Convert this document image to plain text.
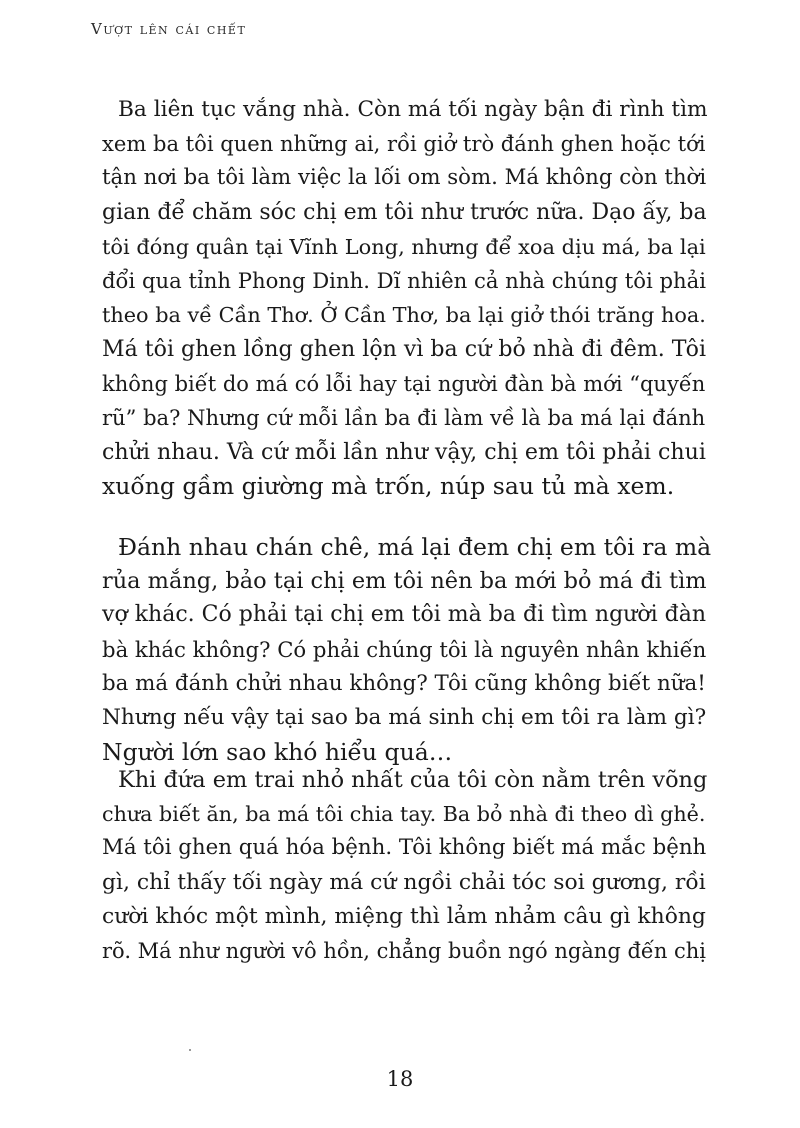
Vượt lên cái chết
Ba liên tục vắng nhà. Còn má tối ngày bận đi rình tìm
xem ba tôi quen những ai, rồi giở trò đánh ghen hoặc tới
tận nơi ba tôi làm việc la lối om sòm. Má không còn thời
gian để chăm sóc chị em tôi như trước nữa. Dạo ấy, ba
tôi đóng quân tại Vĩnh Long, nhưng để xoa dịu má, ba lại
đổi qua tỉnh Phong Dinh. Dĩ nhiên cả nhà chúng tôi phải
theo ba về Cần Thơ. Ở Cần Thơ, ba lại giở thói trăng hoa.
Má tôi ghen lồng ghen lộn vì ba cứ bỏ nhà đi đêm. Tôi
không biết do má có lỗi hay tại người đàn bà mới “quyến
rũ” ba? Nhưng cứ mỗi lần ba đi làm về là ba má lại đánh
chửi nhau. Và cứ mỗi lần như vậy, chị em tôi phải chui
xuống gầm giường mà trốn, núp sau tủ mà xem.
Đánh nhau chán chê, má lại đem chị em tôi ra mà
rủa mắng, bảo tại chị em tôi nên ba mới bỏ má đi tìm
vợ khác. Có phải tại chị em tôi mà ba đi tìm người đàn
bà khác không? Có phải chúng tôi là nguyên nhân khiến
ba má đánh chửi nhau không? Tôi cũng không biết nữa!
Nhưng nếu vậy tại sao ba má sinh chị em tôi ra làm gì?
Người lớn sao khó hiểu quá…
Khi đứa em trai nhỏ nhất của tôi còn nằm trên võng
chưa biết ăn, ba má tôi chia tay. Ba bỏ nhà đi theo dì ghẻ.
Má tôi ghen quá hóa bệnh. Tôi không biết má mắc bệnh
gì, chỉ thấy tối ngày má cứ ngồi chải tóc soi gương, rồi
cười khóc một mình, miệng thì lảm nhảm câu gì không
rõ. Má như người vô hồn, chẳng buồn ngó ngàng đến chị
18
